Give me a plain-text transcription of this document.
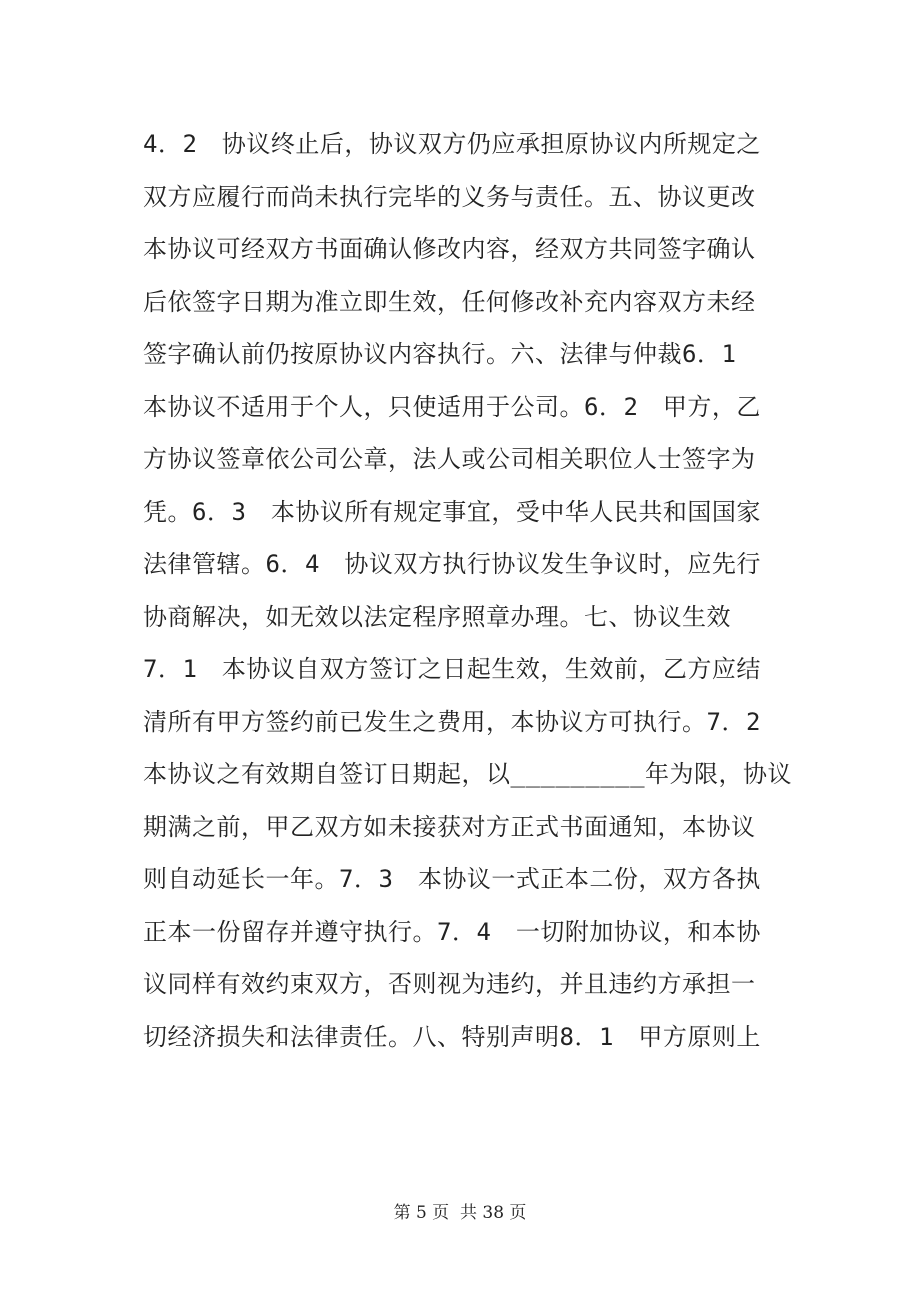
4．2　协议终止后，协议双方仍应承担原协议内所规定之
双方应履行而尚未执行完毕的义务与责任。五、协议更改
本协议可经双方书面确认修改内容，经双方共同签字确认
后依签字日期为准立即生效，任何修改补充内容双方未经
签字确认前仍按原协议内容执行。六、法律与仲裁6．1
本协议不适用于个人，只使适用于公司。6．2　甲方，乙
方协议签章依公司公章，法人或公司相关职位人士签字为
凭。6．3　本协议所有规定事宜，受中华人民共和国国家
法律管辖。6．4　协议双方执行协议发生争议时，应先行
协商解决，如无效以法定程序照章办理。七、协议生效
7．1　本协议自双方签订之日起生效，生效前，乙方应结
清所有甲方签约前已发生之费用，本协议方可执行。7．2
本协议之有效期自签订日期起，以_________年为限，协议
期满之前，甲乙双方如未接获对方正式书面通知，本协议
则自动延长一年。7．3　本协议一式正本二份，双方各执
正本一份留存并遵守执行。7．4　一切附加协议，和本协
议同样有效约束双方，否则视为违约，并且违约方承担一
切经济损失和法律责任。八、特别声明8．1　甲方原则上
第 5 页  共 38 页
